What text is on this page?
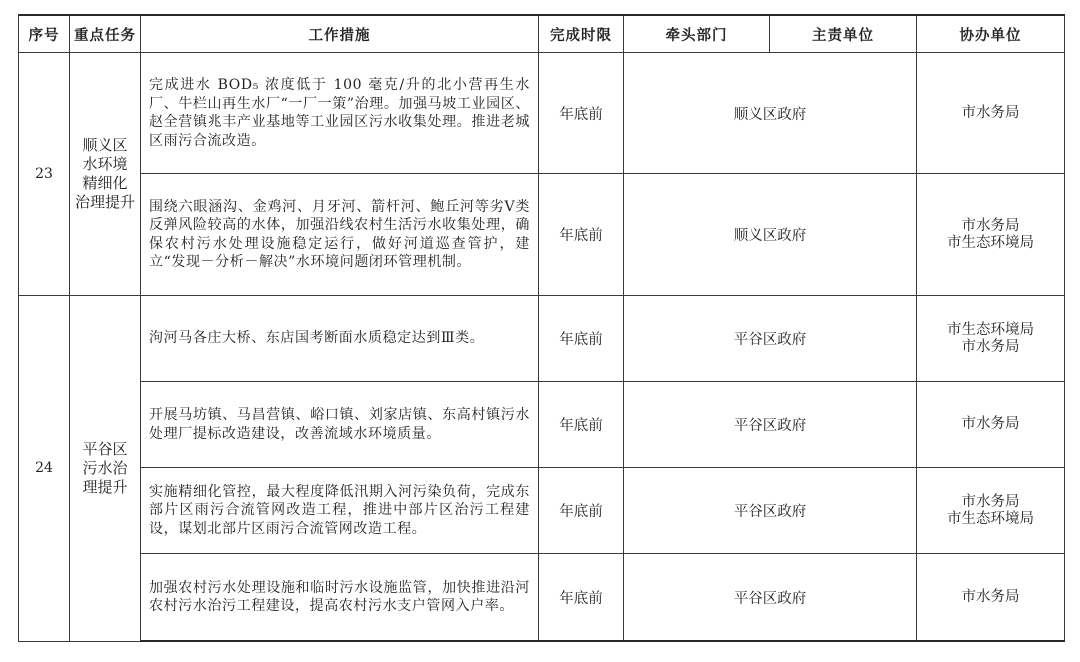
序号	重点任务	工作措施	完成时限	牵头部门	主责单位	协办单位
23	顺义区
水环境
精细化
治理提升	完成进水 BOD₅ 浓度低于 100 毫克/升的北小营再生水厂、牛栏山再生水厂“一厂一策”治理。加强马坡工业园区、赵全营镇兆丰产业基地等工业园区污水收集处理。推进老城区雨污合流改造。	年底前	顺义区政府		市水务局

		围绕六眼涵沟、金鸡河、月牙河、箭杆河、鲍丘河等劣Ⅴ类反弹风险较高的水体，加强沿线农村生活污水收集处理，确保农村污水处理设施稳定运行，做好河道巡查管护，建立“发现－分析－解决”水环境问题闭环管理机制。	年底前	顺义区政府		市水务局
市生态环境局

24	平谷区
污水治
理提升	泃河马各庄大桥、东店国考断面水质稳定达到Ⅲ类。	年底前	平谷区政府		市生态环境局
市水务局

		开展马坊镇、马昌营镇、峪口镇、刘家店镇、东高村镇污水处理厂提标改造建设，改善流域水环境质量。	年底前	平谷区政府		市水务局

		实施精细化管控，最大程度降低汛期入河污染负荷，完成东部片区雨污合流管网改造工程，推进中部片区治污工程建设，谋划北部片区雨污合流管网改造工程。	年底前	平谷区政府		市水务局
市生态环境局

		加强农村污水处理设施和临时污水设施监管，加快推进沿河农村污水治污工程建设，提高农村污水支户管网入户率。	年底前	平谷区政府		市水务局
